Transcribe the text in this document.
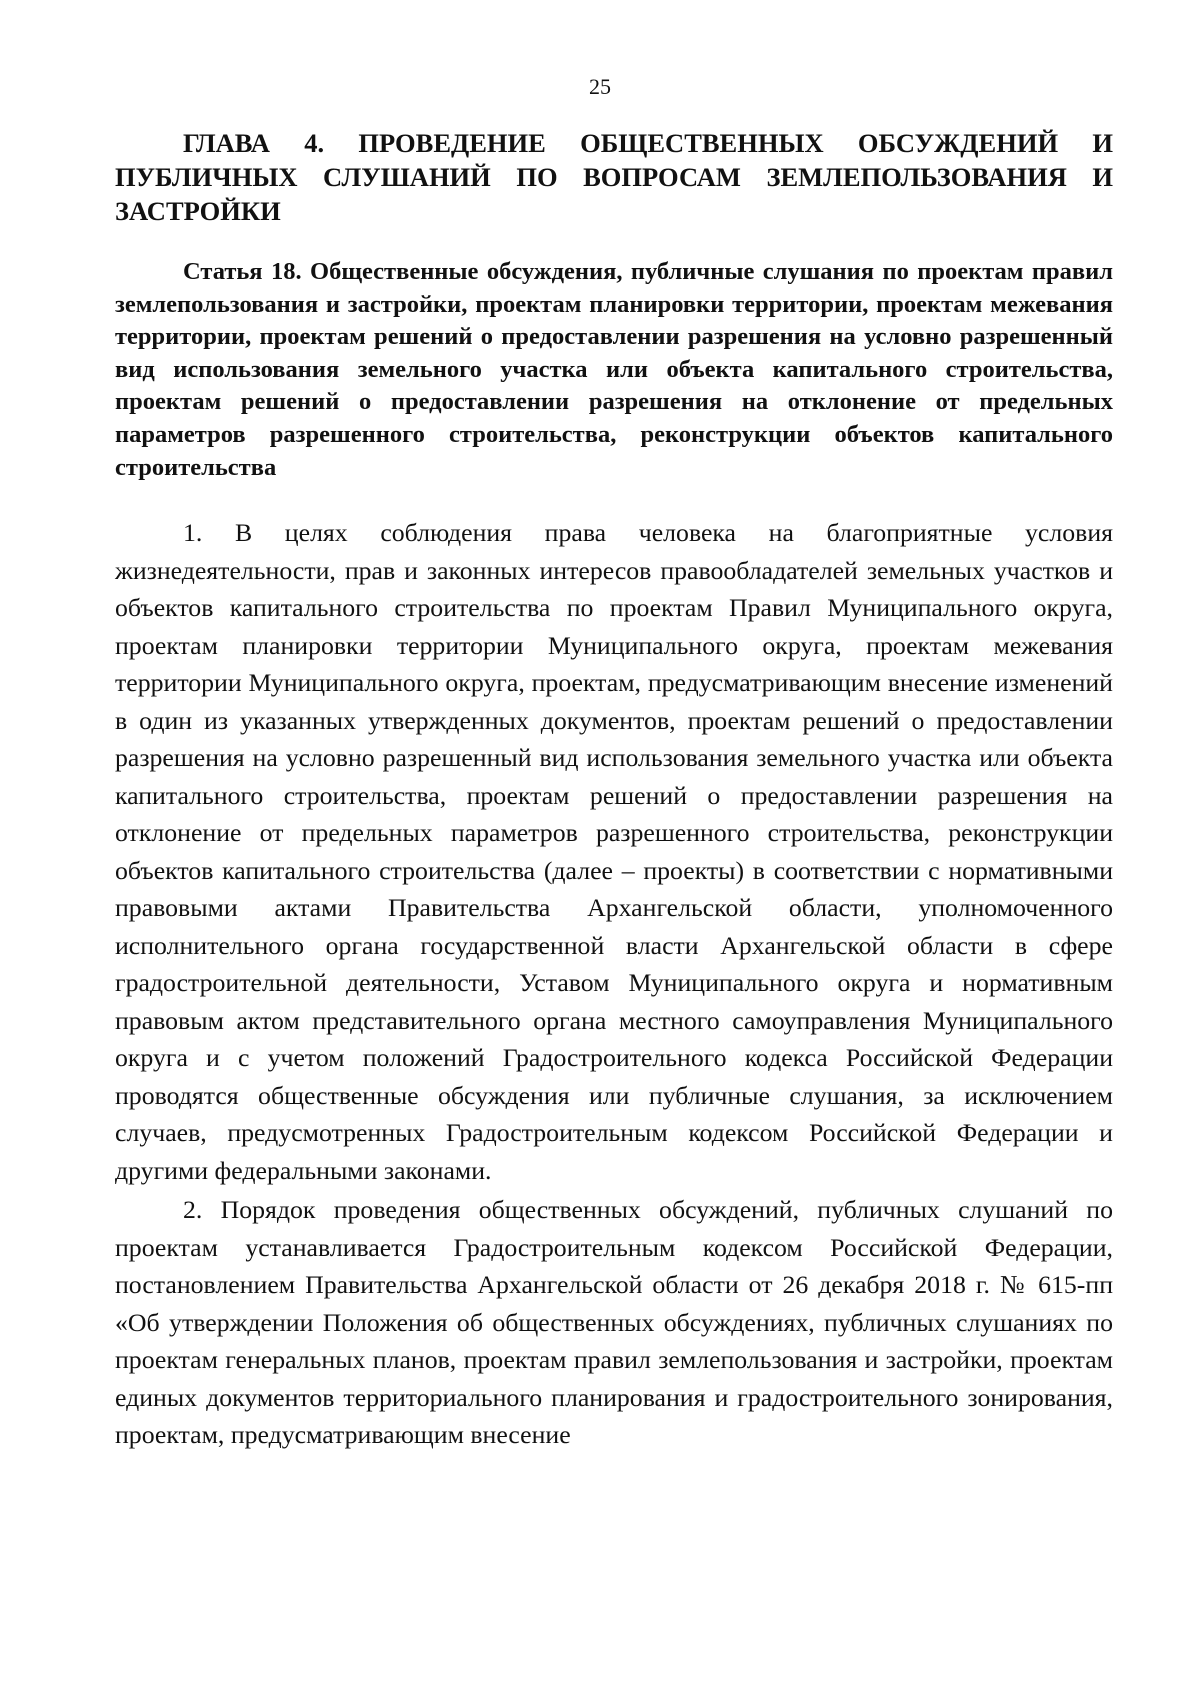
25

ГЛАВА 4. ПРОВЕДЕНИЕ ОБЩЕСТВЕННЫХ ОБСУЖДЕНИЙ И ПУБЛИЧНЫХ СЛУШАНИЙ ПО ВОПРОСАМ ЗЕМЛЕПОЛЬЗОВАНИЯ И ЗАСТРОЙКИ

Статья 18. Общественные обсуждения, публичные слушания по проектам правил землепользования и застройки, проектам планировки территории, проектам межевания территории, проектам решений о предоставлении разрешения на условно разрешенный вид использования земельного участка или объекта капитального строительства, проектам решений о предоставлении разрешения на отклонение от предельных параметров разрешенного строительства, реконструкции объектов капитального строительства

1. В целях соблюдения права человека на благоприятные условия жизнедеятельности, прав и законных интересов правообладателей земельных участков и объектов капитального строительства по проектам Правил Муниципального округа, проектам планировки территории Муниципального округа, проектам межевания территории Муниципального округа, проектам, предусматривающим внесение изменений в один из указанных утвержденных документов, проектам решений о предоставлении разрешения на условно разрешенный вид использования земельного участка или объекта капитального строительства, проектам решений о предоставлении разрешения на отклонение от предельных параметров разрешенного строительства, реконструкции объектов капитального строительства (далее – проекты) в соответствии с нормативными правовыми актами Правительства Архангельской области, уполномоченного исполнительного органа государственной власти Архангельской области в сфере градостроительной деятельности, Уставом Муниципального округа и нормативным правовым актом представительного органа местного самоуправления Муниципального округа и с учетом положений Градостроительного кодекса Российской Федерации проводятся общественные обсуждения или публичные слушания, за исключением случаев, предусмотренных Градостроительным кодексом Российской Федерации и другими федеральными законами.

2. Порядок проведения общественных обсуждений, публичных слушаний по проектам устанавливается Градостроительным кодексом Российской Федерации, постановлением Правительства Архангельской области от 26 декабря 2018 г. № 615-пп «Об утверждении Положения об общественных обсуждениях, публичных слушаниях по проектам генеральных планов, проектам правил землепользования и застройки, проектам единых документов территориального планирования и градостроительного зонирования, проектам, предусматривающим внесение
